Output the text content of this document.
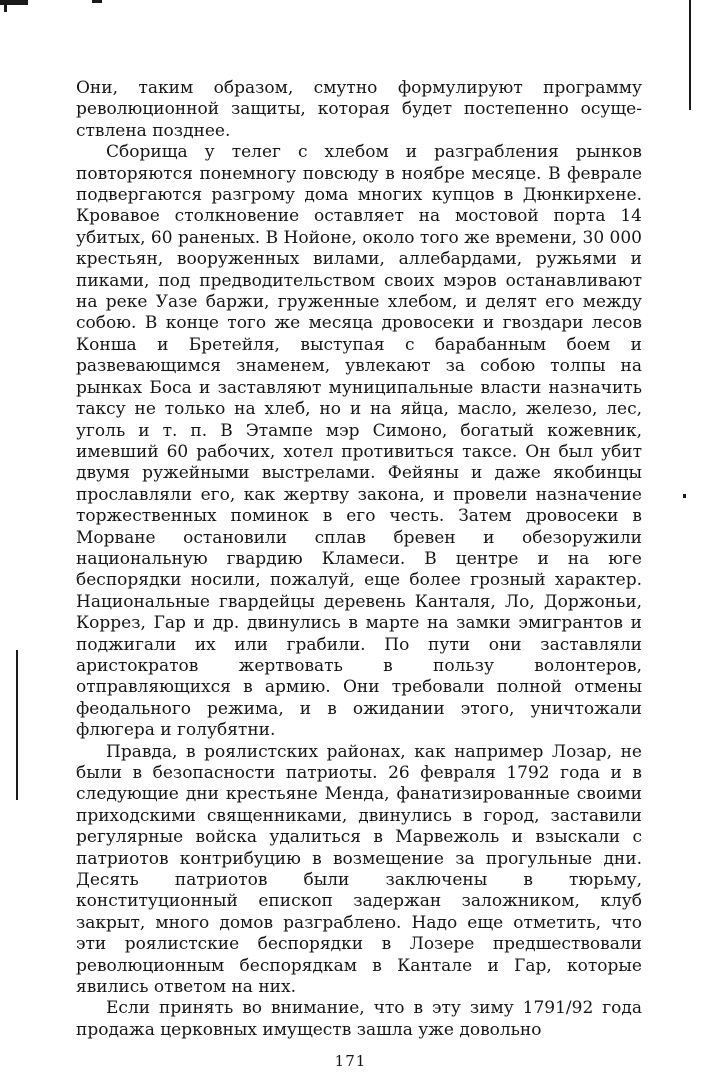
Они, таким образом, смутно формулируют программу революционной защиты, которая будет постепенно осуществлена позднее.

Сборища у телег с хлебом и разграбления рынков повторяются понемногу повсюду в ноябре месяце. В феврале подвергаются разгрому дома многих купцов в Дюнкирхене. Кровавое столкновение оставляет на мостовой порта 14 убитых, 60 раненых. В Нойоне, около того же времени, 30 000 крестьян, вооруженных вилами, аллебардами, ружьями и пиками, под предводительством своих мэров останавливают на реке Уазе баржи, груженные хлебом, и делят его между собою. В конце того же месяца дровосеки и гвоздари лесов Конша и Бретейля, выступая с барабанным боем и развевающимся знаменем, увлекают за собою толпы на рынках Боса и заставляют муниципальные власти назначить таксу не только на хлеб, но и на яйца, масло, железо, лес, уголь и т. п. В Этампе мэр Симоно, богатый кожевник, имевший 60 рабочих, хотел противиться таксе. Он был убит двумя ружейными выстрелами. Фейяны и даже якобинцы прославляли его, как жертву закона, и провели назначение торжественных поминок в его честь. Затем дровосеки в Морване остановили сплав бревен и обезоружили национальную гвардию Кламеси. В центре и на юге беспорядки носили, пожалуй, еще более грозный характер. Национальные гвардейцы деревень Канталя, Ло, Доржоньи, Коррез, Гар и др. двинулись в марте на замки эмигрантов и поджигали их или грабили. По пути они заставляли аристократов жертвовать в пользу волонтеров, отправляющихся в армию. Они требовали полной отмены феодального режима, и в ожидании этого, уничтожали флюгера и голубятни.

Правда, в роялистских районах, как например Лозар, не были в безопасности патриоты. 26 февраля 1792 года и в следующие дни крестьяне Менда, фанатизированные своими приходскими священниками, двинулись в город, заставили регулярные войска удалиться в Марвежоль и взыскали с патриотов контрибуцию в возмещение за прогульные дни. Десять патриотов были заключены в тюрьму, конституционный епископ задержан заложником, клуб закрыт, много домов разграблено. Надо еще отметить, что эти роялистские беспорядки в Лозере предшествовали революционным беспорядкам в Кантале и Гар, которые явились ответом на них.

Если принять во внимание, что в эту зиму 1791/92 года продажа церковных имуществ зашла уже довольно

171
